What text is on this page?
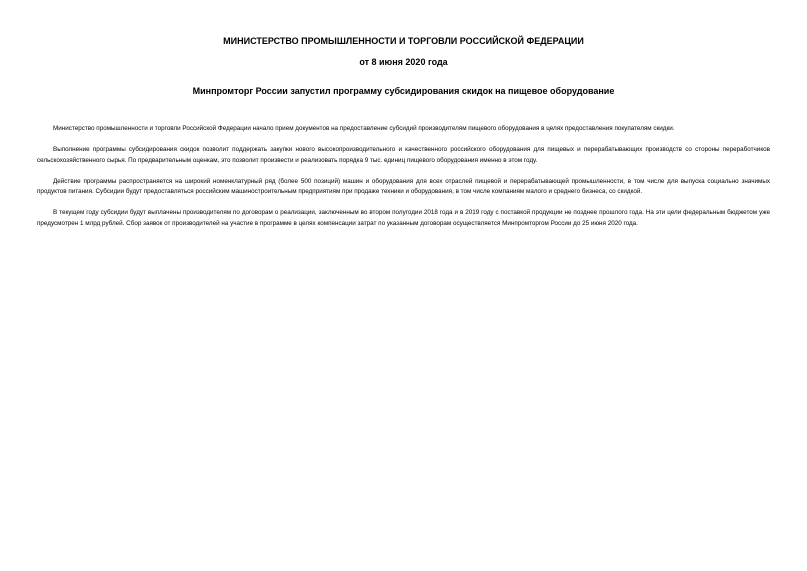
МИНИСТЕРСТВО ПРОМЫШЛЕННОСТИ И ТОРГОВЛИ РОССИЙСКОЙ ФЕДЕРАЦИИ
от 8 июня 2020 года
Минпромторг России запустил программу субсидирования скидок на пищевое оборудование

Министерство промышленности и торговли Российской Федерации начало прием документов на предоставление субсидий производителям пищевого оборудования в целях предоставления покупателям скидки.

Выполнение программы субсидирования скидок позволит поддержать закупки нового высокопроизводительного и качественного российского оборудования для пищевых и перерабатывающих производств со стороны переработчиков сельскохозяйственного сырья. По предварительным оценкам, это позволит произвести и реализовать порядка 9 тыс. единиц пищевого оборудования именно в этом году.

Действие программы распространяется на широкий номенклатурный ряд (более 500 позиций) машин и оборудования для всех отраслей пищевой и перерабатывающей промышленности, в том числе для выпуска социально значимых продуктов питания. Субсидии будут предоставляться российским машиностроительным предприятиям при продаже техники и оборудования, в том числе компаниям малого и среднего бизнеса, со скидкой.

В текущем году субсидии будут выплачены производителям по договорам о реализации, заключенным во втором полугодии 2018 года и в 2019 году с поставкой продукции не позднее прошлого года. На эти цели федеральным бюджетом уже предусмотрен 1 млрд рублей. Сбор заявок от производителей на участие в программе в целях компенсации затрат по указанным договорам осуществляется Минпромторгом России до 25 июня 2020 года.
